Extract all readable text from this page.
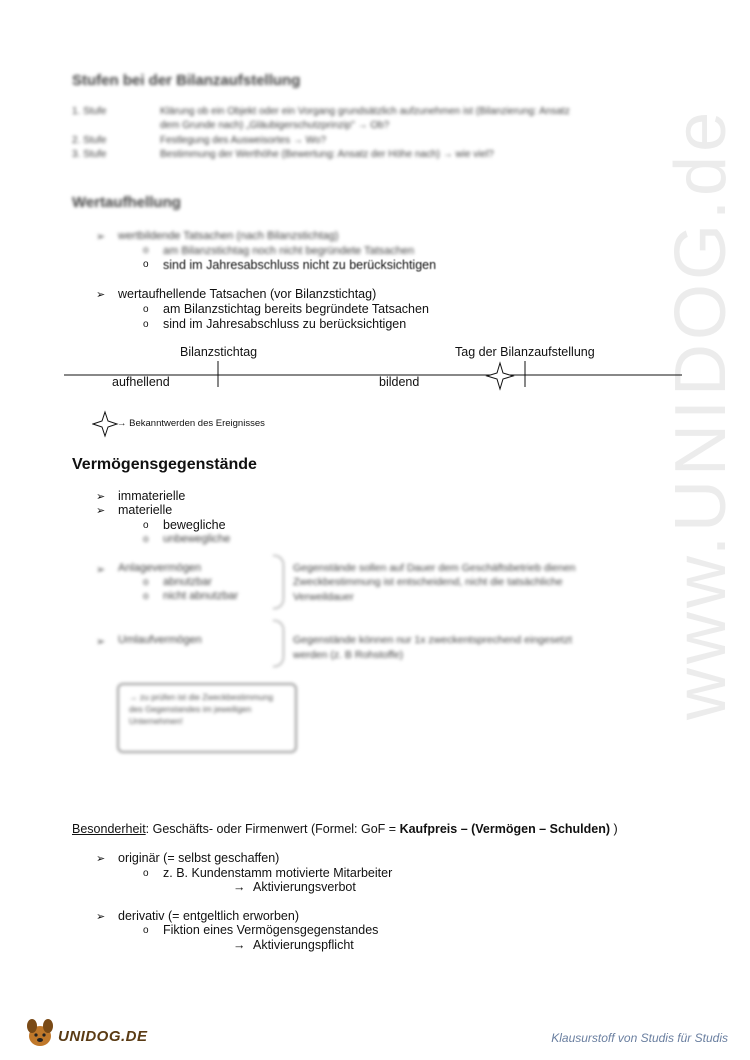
www.UNIDOG.de
Stufen bei der Bilanzaufstellung
1. Stufe	Klärung ob ein Objekt oder ein Vorgang grundsätzlich aufzunehmen ist (Bilanzierung: Ansatz
dem Grunde nach) „Gläubigerschutzprinzip" → Ob?
2. Stufe	Festlegung des Ausweisortes → Wo?
3. Stufe	Bestimmung der Werthöhe (Bewertung: Ansatz der Höhe nach) → wie viel?
Wertaufhellung
➢ wertbildende Tatsachen (nach Bilanzstichtag)
o am Bilanzstichtag noch nicht begründete Tatsachen
o sind im Jahresabschluss nicht zu berücksichtigen
➢ wertaufhellende Tatsachen (vor Bilanzstichtag)
o am Bilanzstichtag bereits begründete Tatsachen
o sind im Jahresabschluss zu berücksichtigen
Bilanzstichtag	Tag der Bilanzaufstellung
aufhellend	bildend
→ Bekanntwerden des Ereignisses
Vermögensgegenstände
➢ immaterielle
➢ materielle
o bewegliche
o unbewegliche
➢ Anlagevermögen
o abnutzbar
o nicht abnutzbar
Gegenstände sollen auf Dauer dem Geschäftsbetrieb dienen
Zweckbestimmung ist entscheidend, nicht die tatsächliche
Verweildauer
➢ Umlaufvermögen	Gegenstände können nur 1x zweckentsprechend eingesetzt
werden (z. B Rohstoffe)
→ zu prüfen ist die Zweckbestimmung des Gegenstandes im jeweiligen Unternehmen!
Besonderheit: Geschäfts- oder Firmenwert (Formel: GoF = Kaufpreis – (Vermögen – Schulden) )
➢ originär (= selbst geschaffen)
o z. B. Kundenstamm motivierte Mitarbeiter
→ Aktivierungsverbot
➢ derivativ (= entgeltlich erworben)
o Fiktion eines Vermögensgegenstandes
→ Aktivierungspflicht
UNIDOG.DE	Klausurstoff von Studis für Studis
